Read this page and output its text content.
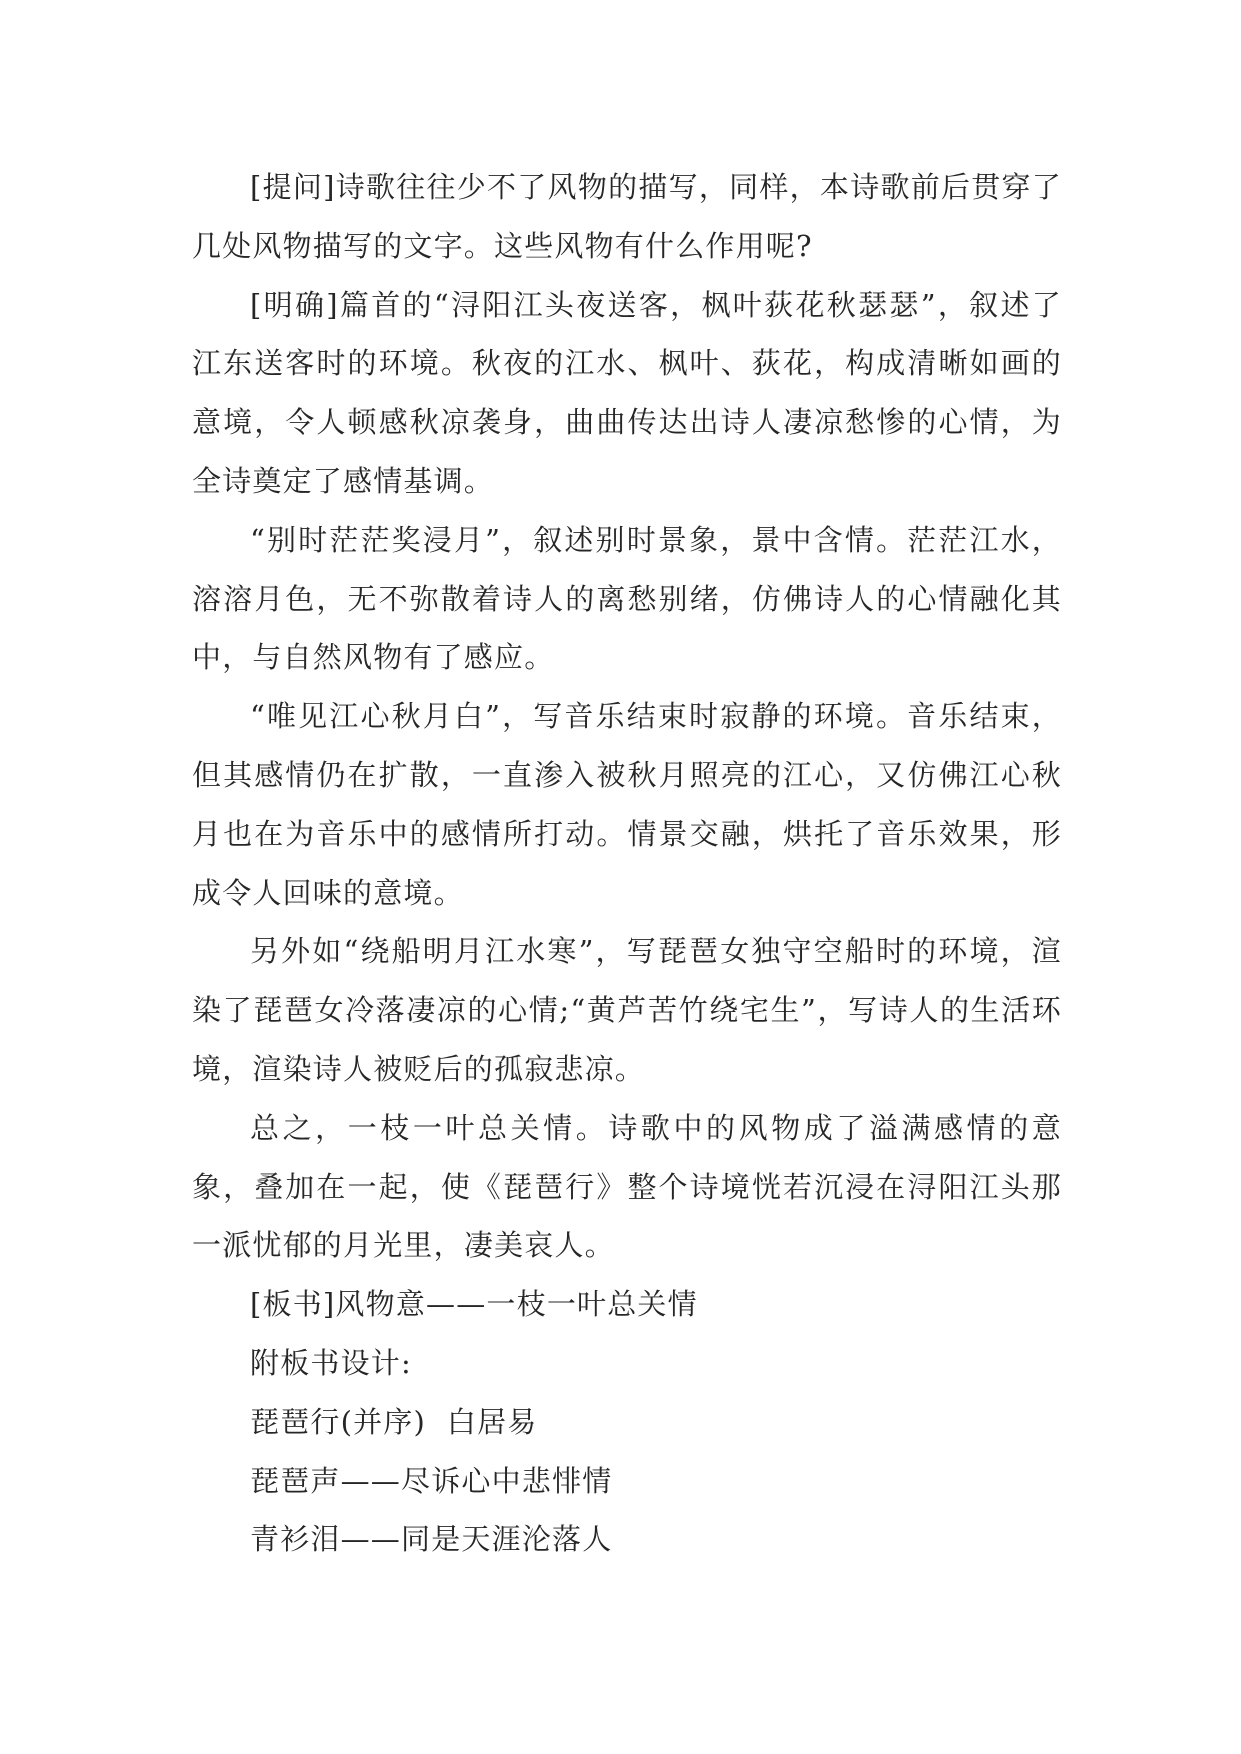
[提问]诗歌往往少不了风物的描写，同样，本诗歌前后贯穿了几处风物描写的文字。这些风物有什么作用呢?

[明确]篇首的“浔阳江头夜送客，枫叶荻花秋瑟瑟”，叙述了江东送客时的环境。秋夜的江水、枫叶、荻花，构成清晰如画的意境，令人顿感秋凉袭身，曲曲传达出诗人凄凉愁惨的心情，为全诗奠定了感情基调。

“别时茫茫奖浸月”，叙述别时景象，景中含情。茫茫江水，溶溶月色，无不弥散着诗人的离愁别绪，仿佛诗人的心情融化其中，与自然风物有了感应。

“唯见江心秋月白”，写音乐结束时寂静的环境。音乐结束，但其感情仍在扩散，一直渗入被秋月照亮的江心，又仿佛江心秋月也在为音乐中的感情所打动。情景交融，烘托了音乐效果，形成令人回味的意境。

另外如“绕船明月江水寒”，写琵琶女独守空船时的环境，渲染了琵琶女冷落凄凉的心情;“黄芦苦竹绕宅生”，写诗人的生活环境，渲染诗人被贬后的孤寂悲凉。

总之，一枝一叶总关情。诗歌中的风物成了溢满感情的意象，叠加在一起，使《琵琶行》整个诗境恍若沉浸在浔阳江头那一派忧郁的月光里，凄美哀人。

[板书]风物意——一枝一叶总关情

附板书设计:

琵琶行(并序)  白居易

琵琶声——尽诉心中悲悱情

青衫泪——同是天涯沦落人
